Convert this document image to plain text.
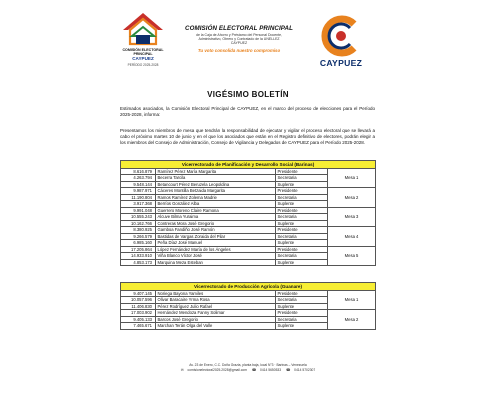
COMISIÓN ELECTORAL
PRINCIPAL
CAYPUEZ
PERÍODO 2025-2028
COMISIÓN ELECTORAL PRINCIPAL
de la Caja de Ahorro y Préstamo del Personal Docente,
Administrativo, Obrero y Contratado de la UNELLEZ
CAYPUEZ
Tu voto consolida nuestro compromiso
CAYPUEZ
VIGÉSIMO BOLETÍN
Estimados asociados, la Comisión Electoral Principal de CAYPUEZ, en el marco del proceso de elecciones para el Período 2025-2028, informa:
Presentamos los miembros de mesa que tendrán la responsabilidad de ejecutar y vigilar el proceso electoral que se llevará a cabo el próximo martes 10 de junio y en el que los asociados que están en el Registro definitivo de electores, podrán elegir a los miembros del Consejo de Administración, Consejo de Vigilancia y Delegados de CAYPUEZ para el Período 2025-2028.
Vicerrectorado de Planificación y Desarrollo Social (Barinas)			
8.616.879	Ramírez Pérez María Margarita	Presidente	Mesa 1
4.263.794	Becerra Tarcila	Secretaria	
9.548.144	Betancourt Pérez Beruzela Leopoldina	Suplente	
9.987.971	Cáceres Montilla Betzaida Margarita	Presidente	Mesa 2
11.190.804	Ramos Ramírez Zolema Madrie	Secretaria	
3.917.368	Berríos González Alba	Suplente	
9.991.048	Guerrero Moreno Claire Ramona	Presidente	Mesa 3
10.555.243	Alcuve Bilma Yuraima	Secretaria	
10.162.766	Contreras Mora José Gregorio	Suplente	
8.380.925	Gamboa Fandiño José Ramón	Presidente	Mesa 4
9.266.579	Bastidas de Vargas Zoraida del Pilar	Secretaria	
6.985.160	Peña Díaz José Manuel	Suplente	
17.205.864	López Fernández María de los Ángeles	Presidente	Mesa 5
14.933.910	Viña Blanco Víctor José	Secretaria	
4.853.173	Marquina Meza Esteban	Suplente	
Vicerrectorado de Producción Agrícola (Guanare)			
9.407.145	Noriega Bayona Yamiles	Presidente	Mesa 1
10.057.596	Olivar Baracaire Yrma Rosa	Secretaria	
11.406.830	Pérez Rodríguez Julio Rafael	Suplente	
17.003.902	Hernández Mendoza Fanny Solimar	Presidente	Mesa 2
9.405.133	Barcos José Gregorio	Secretaria	
7.465.671	Marchan Terán Olga del Valle	Suplente	
Av. 23 de Enero, C.C. Doña Grazia, planta baja, local N°3 · Barinas – Venezuela
✉ comisionelectoral2025.2028@gmail.com ☎ 0414 5650533 ☎ 0414 5702307
